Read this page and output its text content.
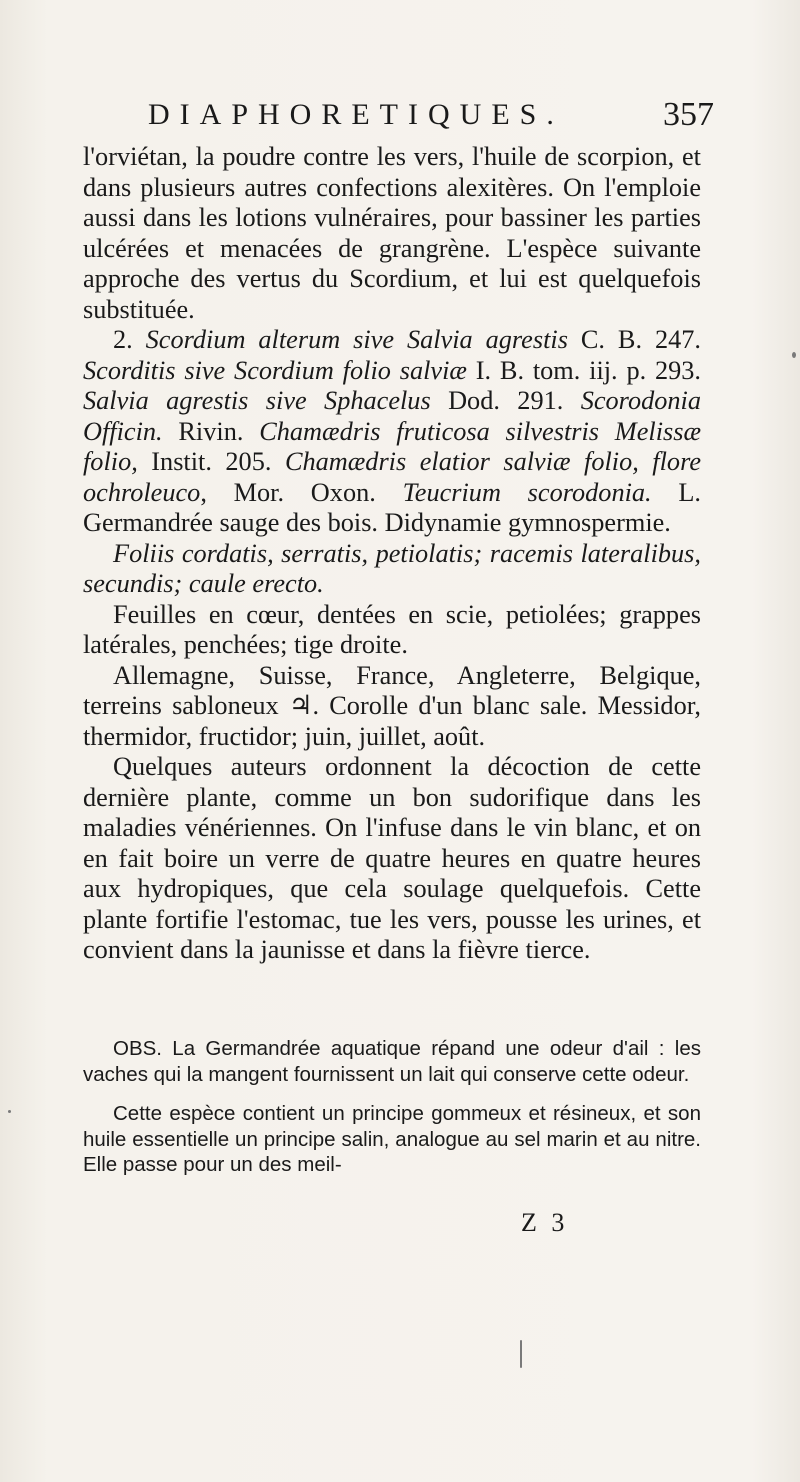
DIAPHORETIQUES.	357

l'orviétan, la poudre contre les vers, l'huile de scorpion, et dans plusieurs autres confections alexitères. On l'emploie aussi dans les lotions vulnéraires, pour bassiner les parties ulcérées et menacées de grangrène. L'espèce suivante approche des vertus du Scordium, et lui est quelquefois substituée.

2. Scordium alterum sive Salvia agrestis C. B. 247. Scorditis sive Scordium folio salviæ I. B. tom. iij. p. 293. Salvia agrestis sive Sphacelus Dod. 291. Scorodonia Officin. Rivin. Chamædris fruticosa silvestris Melissæ folio, Instit. 205. Chamædris elatior salviæ folio, flore ochroleuco, Mor. Oxon. Teucrium scorodonia. L. Germandrée sauge des bois. Didynamie gymnospermie.

Foliis cordatis, serratis, petiolatis; racemis lateralibus, secundis; caule erecto.

Feuilles en cœur, dentées en scie, petiolées; grappes latérales, penchées; tige droite.

Allemagne, Suisse, France, Angleterre, Belgique, terreins sabloneux ♃. Corolle d'un blanc sale. Messidor, thermidor, fructidor; juin, juillet, août.

Quelques auteurs ordonnent la décoction de cette dernière plante, comme un bon sudorifique dans les maladies vénériennes. On l'infuse dans le vin blanc, et on en fait boire un verre de quatre heures en quatre heures aux hydropiques, que cela soulage quelquefois. Cette plante fortifie l'estomac, tue les vers, pousse les urines, et convient dans la jaunisse et dans la fièvre tierce.

OBS. La Germandrée aquatique répand une odeur d'ail : les vaches qui la mangent fournissent un lait qui conserve cette odeur.

Cette espèce contient un principe gommeux et résineux, et son huile essentielle un principe salin, analogue au sel marin et au nitre. Elle passe pour un des meil-

Z 3
